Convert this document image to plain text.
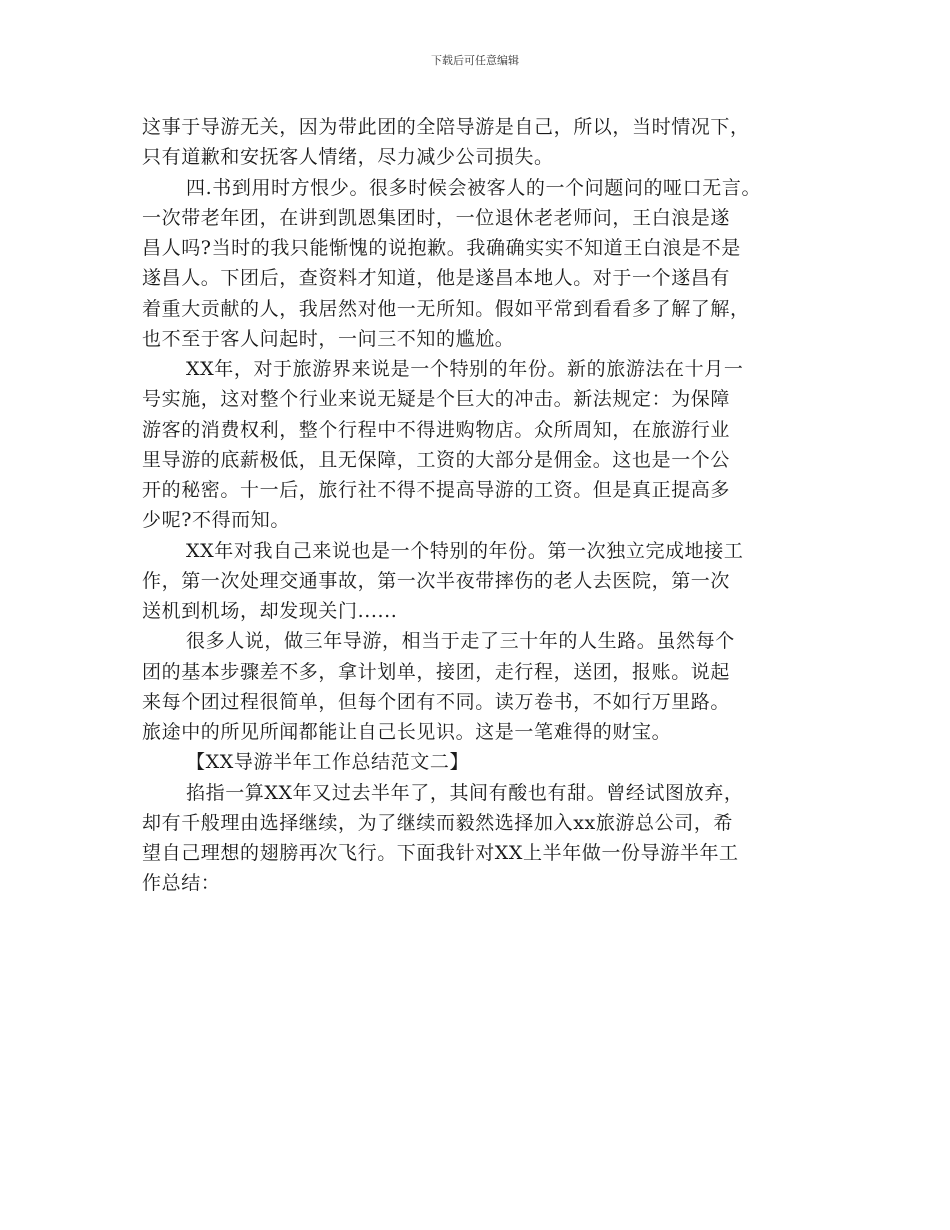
下载后可任意编辑
这事于导游无关，因为带此团的全陪导游是自己，所以，当时情况下，
只有道歉和安抚客人情绪，尽力减少公司损失。
四.书到用时方恨少。很多时候会被客人的一个问题问的哑口无言。
一次带老年团，在讲到凯恩集团时，一位退休老老师问，王白浪是遂
昌人吗?当时的我只能惭愧的说抱歉。我确确实实不知道王白浪是不是
遂昌人。下团后，查资料才知道，他是遂昌本地人。对于一个遂昌有
着重大贡献的人，我居然对他一无所知。假如平常到看看多了解了解，
也不至于客人问起时，一问三不知的尴尬。
XX年，对于旅游界来说是一个特别的年份。新的旅游法在十月一
号实施，这对整个行业来说无疑是个巨大的冲击。新法规定：为保障
游客的消费权利，整个行程中不得进购物店。众所周知，在旅游行业
里导游的底薪极低，且无保障，工资的大部分是佣金。这也是一个公
开的秘密。十一后，旅行社不得不提高导游的工资。但是真正提高多
少呢?不得而知。
XX年对我自己来说也是一个特别的年份。第一次独立完成地接工
作，第一次处理交通事故，第一次半夜带摔伤的老人去医院，第一次
送机到机场，却发现关门......
很多人说，做三年导游，相当于走了三十年的人生路。虽然每个
团的基本步骤差不多，拿计划单，接团，走行程，送团，报账。说起
来每个团过程很简单，但每个团有不同。读万卷书，不如行万里路。
旅途中的所见所闻都能让自己长见识。这是一笔难得的财宝。
【XX导游半年工作总结范文二】
掐指一算XX年又过去半年了，其间有酸也有甜。曾经试图放弃，
却有千般理由选择继续，为了继续而毅然选择加入xx旅游总公司，希
望自己理想的翅膀再次飞行。下面我针对XX上半年做一份导游半年工
作总结：
